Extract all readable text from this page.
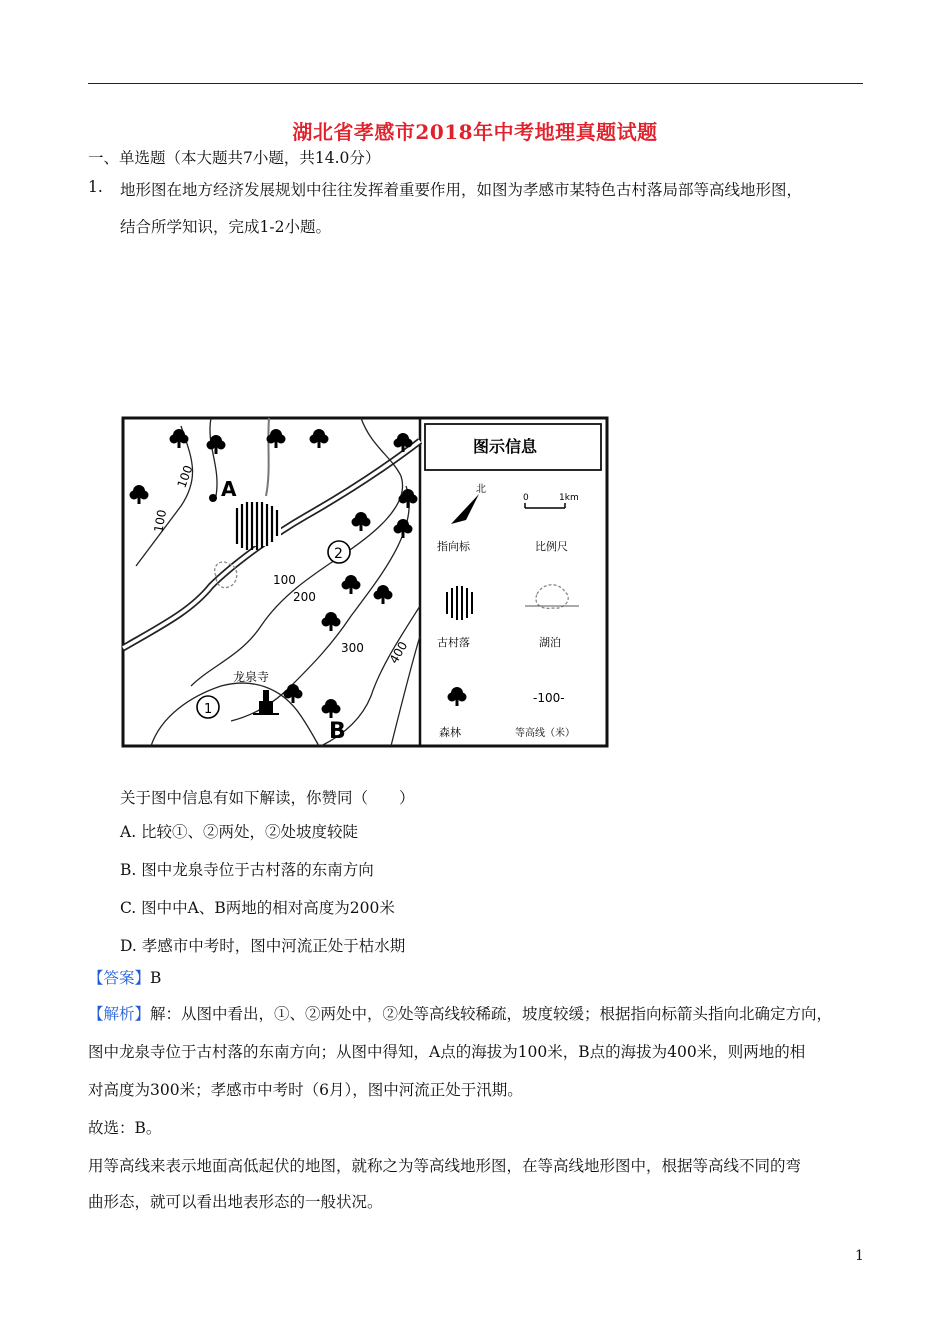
湖北省孝感市2018年中考地理真题试题
一、单选题（本大题共7小题，共14.0分）
1. 地形图在地方经济发展规划中往往发挥着重要作用，如图为孝感市某特色古村落局部等高线地形图，
结合所学知识，完成1-2小题。
A
B
2
1
龙泉寺
100
100
100
200
300 400
图示信息
北
指向标
0	1km
比例尺
古村落	湖泊
森林
-100-
等高线（米）
关于图中信息有如下解读，你赞同（　　）
A. 比较①、②两处，②处坡度较陡
B. 图中龙泉寺位于古村落的东南方向
C. 图中中A、B两地的相对高度为200米
D. 孝感市中考时，图中河流正处于枯水期
【答案】B
【解析】解：从图中看出，①、②两处中，②处等高线较稀疏，坡度较缓；根据指向标箭头指向北确定方向，
图中龙泉寺位于古村落的东南方向；从图中得知，A点的海拔为100米，B点的海拔为400米，则两地的相
对高度为300米；孝感市中考时（6月），图中河流正处于汛期。
故选：B。
用等高线来表示地面高低起伏的地图，就称之为等高线地形图，在等高线地形图中，根据等高线不同的弯
曲形态，就可以看出地表形态的一般状况。
1
